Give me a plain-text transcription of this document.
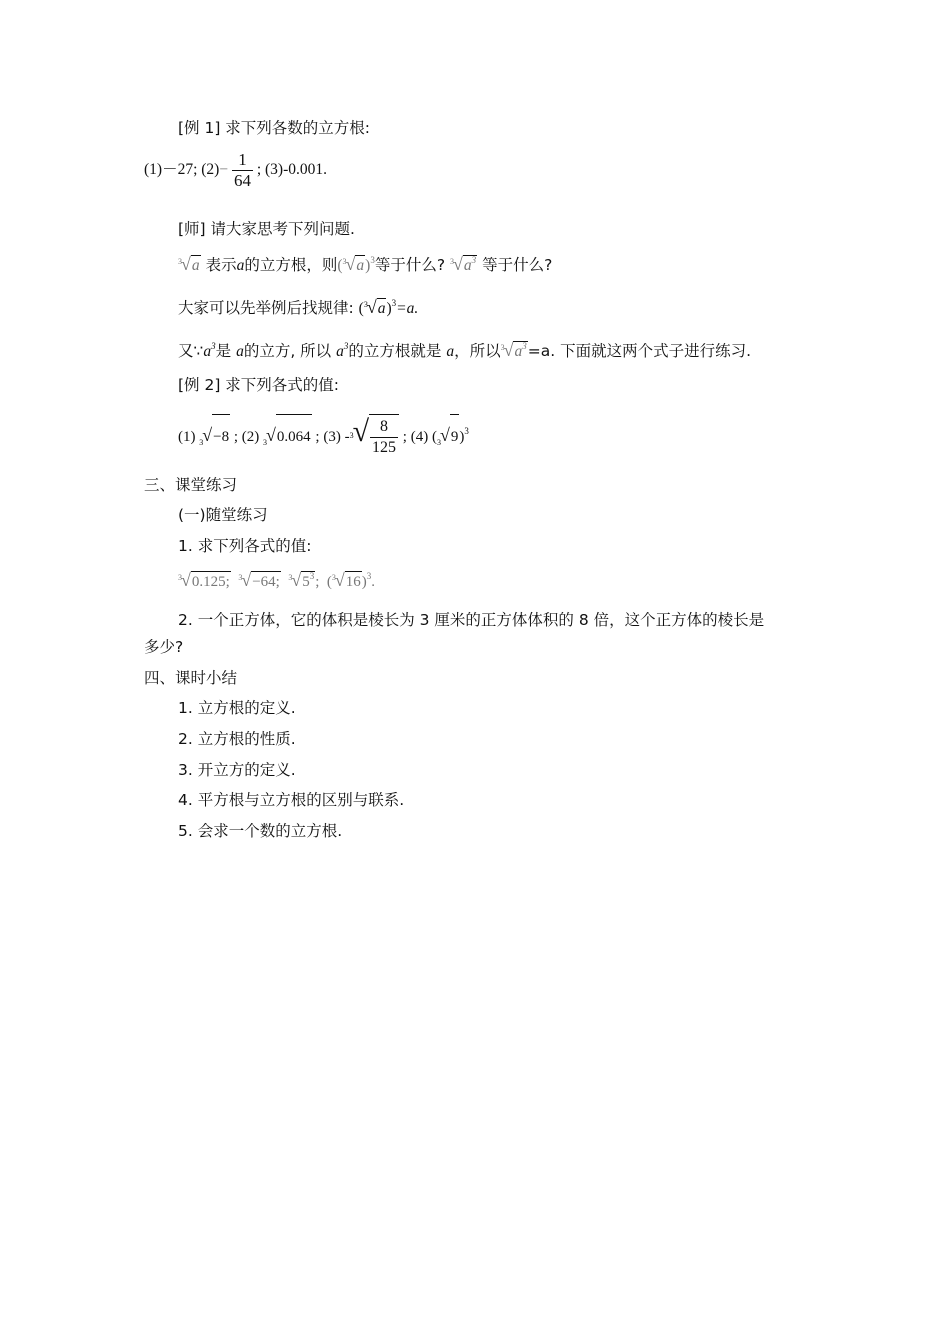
[例 1] 求下列各数的立方根:
(1)－27; $(2)- \frac{1}{64}$ ; (3)-0.001.
[师] 请大家思考下列问题.
3 √a 表示a的立方根，则( 3 √a)$^3$等于什么? 3 $√a^3$ 等于什么?
大家可以先举例后找规律: ( 3 √a)$^3$=a.
又$\because a^3$是 a的立方, 所以 $a^3$的立方根就是 a，所以 3 $√a^3=a$. 下面就这两个式子进行练习.
[例 2] 求下列各式的值:
(1) 3 √−8 ; (2) 3 √0.064 ; (3) - 3 √ $\frac{8}{125}$ ; (4) ( 3 √9)$^3$
三、课堂练习
(一)随堂练习
1. 求下列各式的值:
3 √0.125; 3 √−64; 3 $√5^3$;  ( 3 √16)$^3$.
2. 一个正方体，它的体积是棱长为 3 厘米的正方体体积的 8 倍，这个正方体的棱长是
多少?
四、课时小结
1. 立方根的定义.
2. 立方根的性质.
3. 开立方的定义.
4. 平方根与立方根的区别与联系.
5. 会求一个数的立方根.
